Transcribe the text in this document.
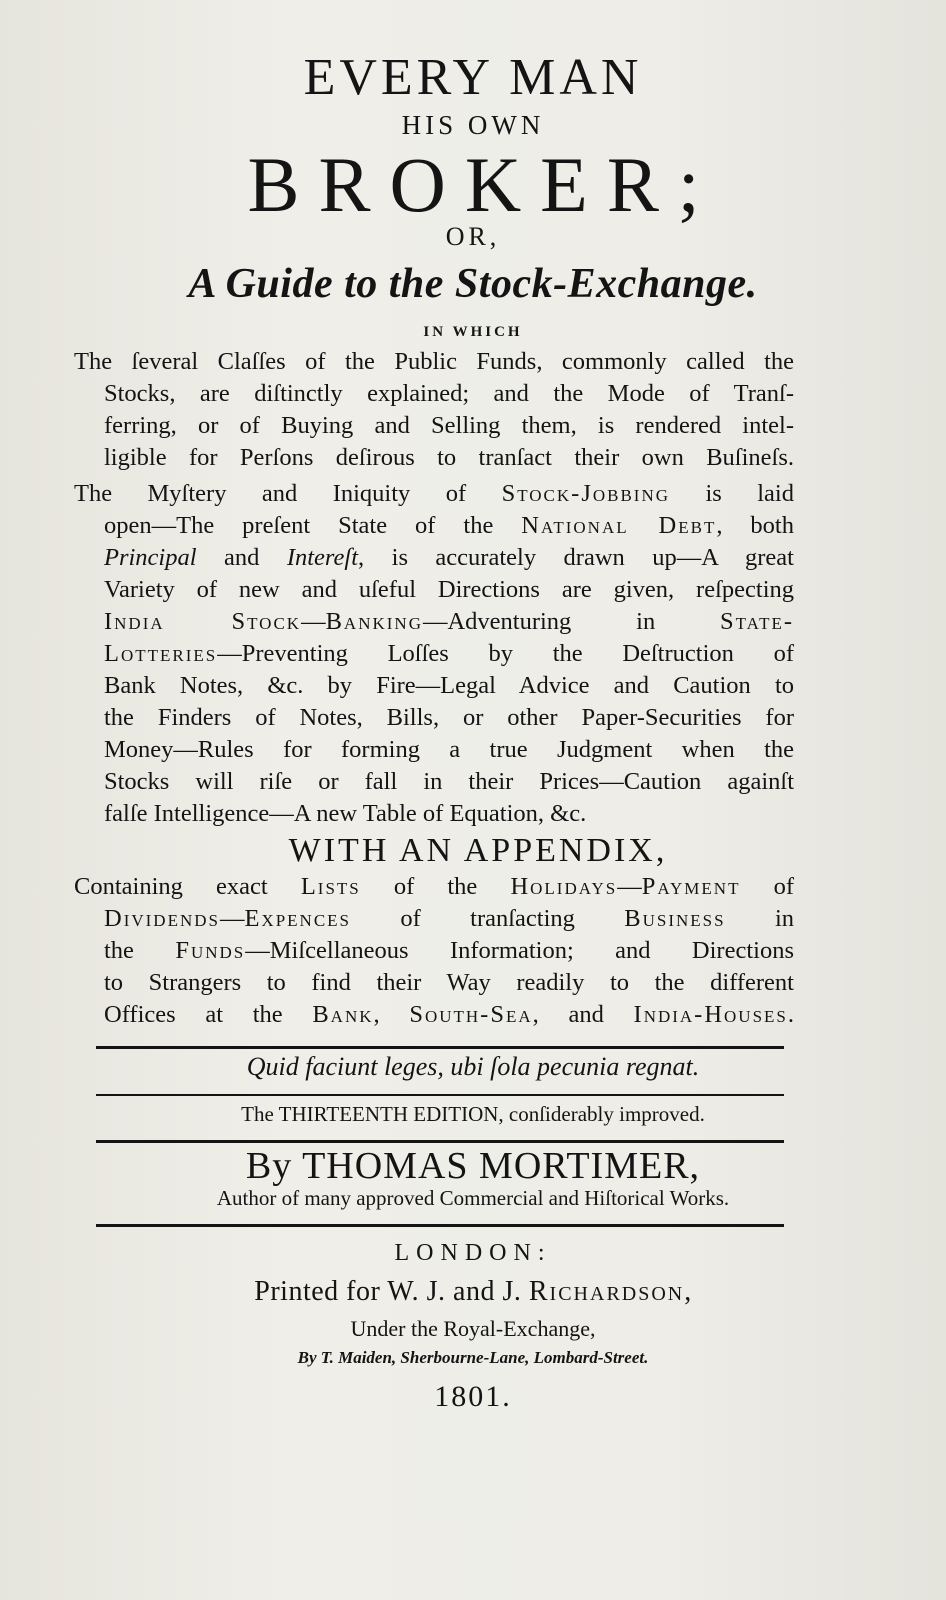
EVERY MAN
HIS OWN
BROKER;
OR,
A Guide to the Stock-Exchange.
IN WHICH
The ſeveral Claſſes of the Public Funds, commonly called the
Stocks, are diſtinctly explained; and the Mode of Tranſ-
ferring, or of Buying and Selling them, is rendered intel-
ligible for Perſons deſirous to tranſact their own Buſineſs.
The Myſtery and Iniquity of Stock-Jobbing is laid
open—The preſent State of the National Debt, both
Principal and Intereſt, is accurately drawn up—A great
Variety of new and uſeful Directions are given, reſpecting
India Stock—Banking—Adventuring in State-
Lotteries—Preventing Loſſes by the Deſtruction of
Bank Notes, &c. by Fire—Legal Advice and Caution to
the Finders of Notes, Bills, or other Paper-Securities for
Money—Rules for forming a true Judgment when the
Stocks will riſe or fall in their Prices—Caution againſt
falſe Intelligence—A new Table of Equation, &c.
WITH AN APPENDIX,
Containing exact Lists of the Holidays—Payment of
Dividends—Expences of tranſacting Business in
the Funds—Miſcellaneous Information; and Directions
to Strangers to find their Way readily to the different
Offices at the Bank, South-Sea, and India-Houses.
Quid faciunt leges, ubi ſola pecunia regnat.
The THIRTEENTH EDITION, conſiderably improved.
By THOMAS MORTIMER,
Author of many approved Commercial and Hiſtorical Works.
LONDON:
Printed for W. J. and J. Richardson,
Under the Royal-Exchange,
By T. Maiden, Sherbourne-Lane, Lombard-Street.
1801.
